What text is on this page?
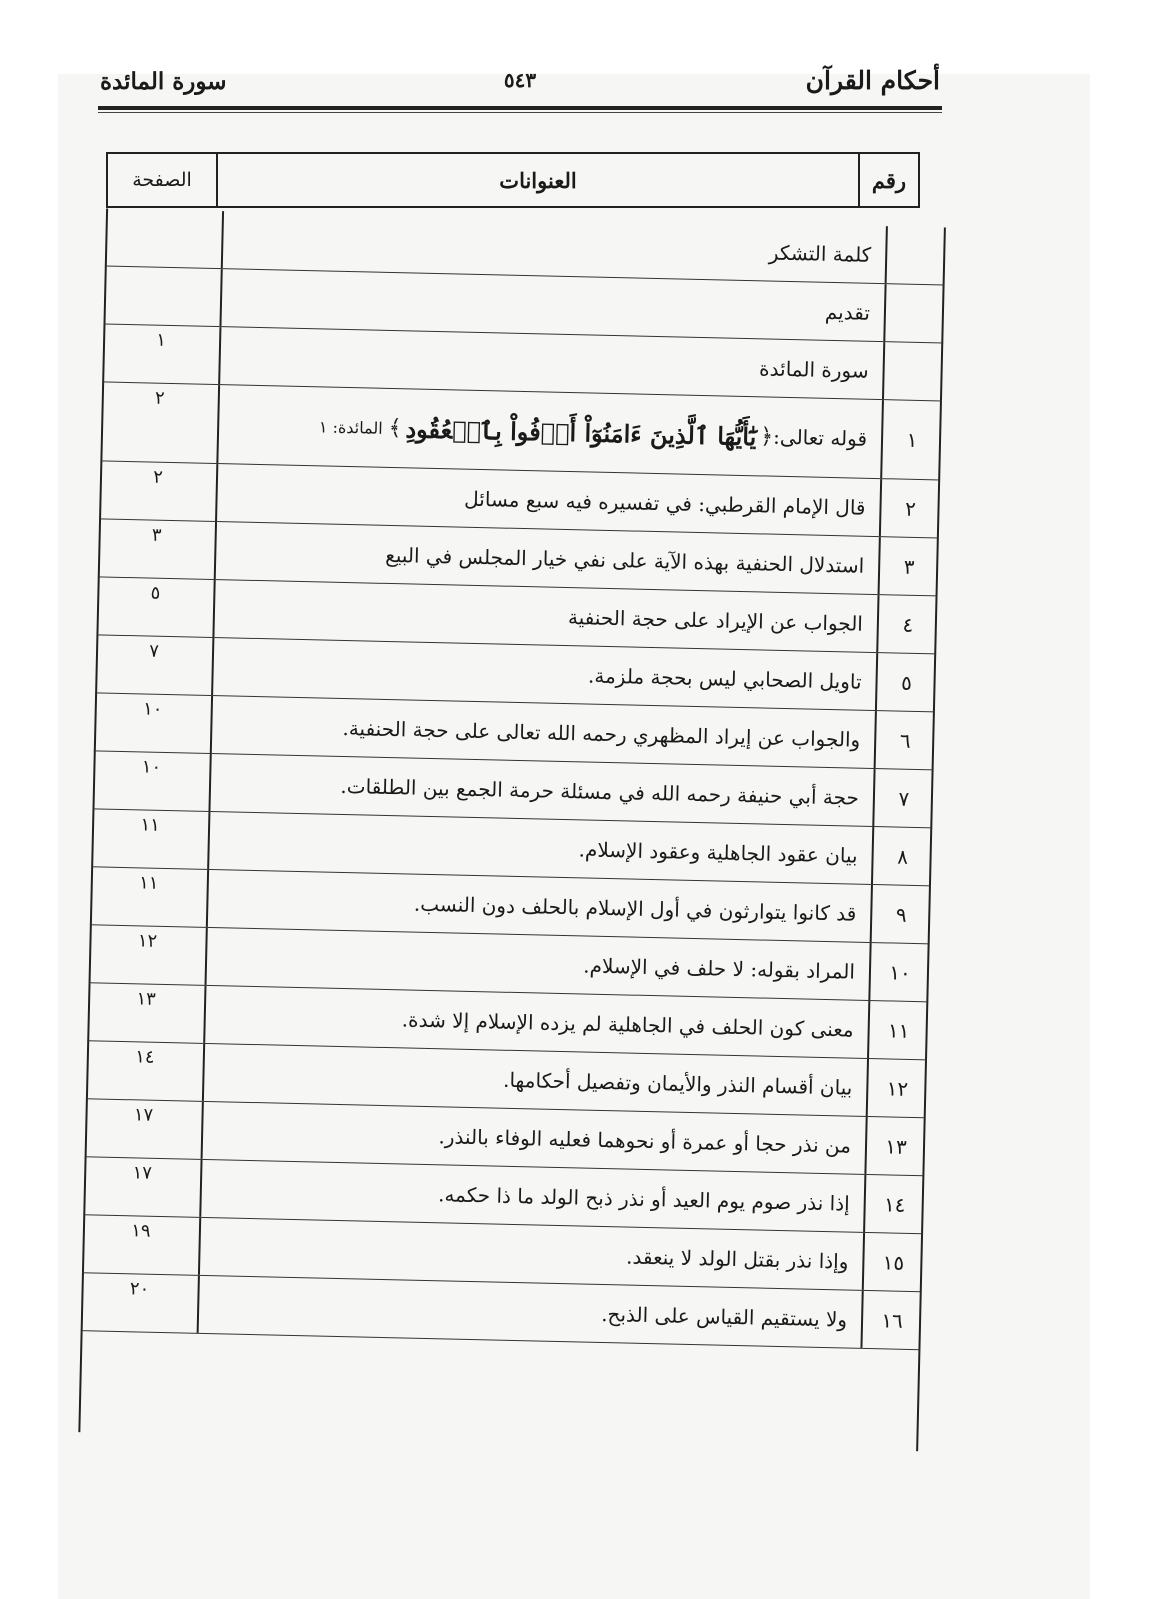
أحكام القرآن
٥٤٣
سورة المائدة
رقم
العنوانات
الصفحة
كلمة التشكر
تقديم
سورة المائدة
١
١
قوله تعالى:
﴿
يَٰٓأَيُّهَا ٱلَّذِينَ ءَامَنُوٓاْ أَوۡفُواْ بِٱلۡعُقُودِ
﴾
المائدة: ١
٢
٢
قال الإمام القرطبي: في تفسيره فيه سبع مسائل
٢
٣
استدلال الحنفية بهذه الآية على نفي خيار المجلس في البيع
٣
٤
الجواب عن الإيراد على حجة الحنفية
٥
٥
تاويل الصحابي ليس بحجة ملزمة.
٧
٦
والجواب عن إيراد المظهري رحمه الله تعالى على حجة الحنفية.
١٠
٧
حجة أبي حنيفة رحمه الله في مسئلة حرمة الجمع بين الطلقات.
١٠
٨
بيان عقود الجاهلية وعقود الإسلام.
١١
٩
قد كانوا يتوارثون في أول الإسلام بالحلف دون النسب.
١١
١٠
المراد بقوله: لا حلف في الإسلام.
١٢
١١
معنى كون الحلف في الجاهلية لم يزده الإسلام إلا شدة.
١٣
١٢
بيان أقسام النذر والأيمان وتفصيل أحكامها.
١٤
١٣
من نذر حجا أو عمرة أو نحوهما فعليه الوفاء بالنذر.
١٧
١٤
إذا نذر صوم يوم العيد أو نذر ذبح الولد ما ذا حكمه.
١٧
١٥
وإذا نذر بقتل الولد لا ينعقد.
١٩
١٦
ولا يستقيم القياس على الذبح.
٢٠
